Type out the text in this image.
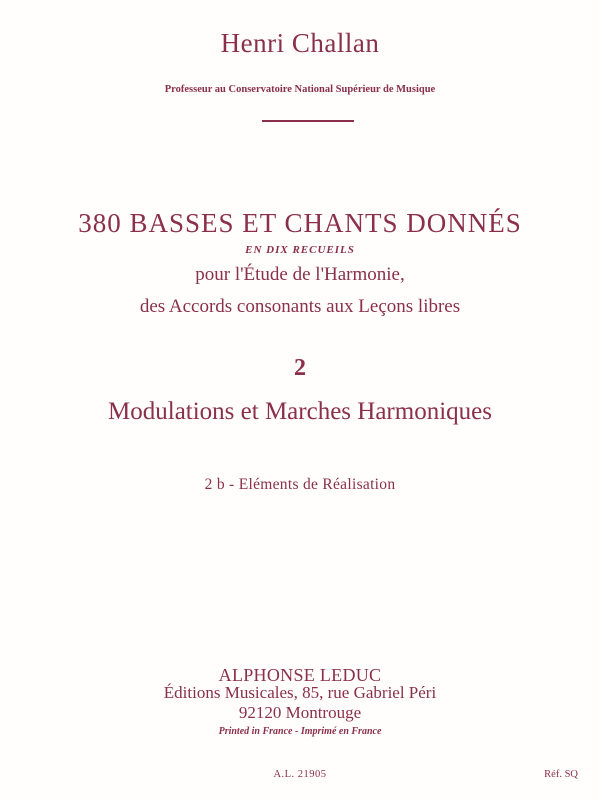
Henri Challan
Professeur au Conservatoire National Supérieur de Musique
380 BASSES ET CHANTS DONNÉS
EN DIX RECUEILS
pour l'Étude de l'Harmonie,
des Accords consonants aux Leçons libres
2
Modulations et Marches Harmoniques
2 b - Eléments de Réalisation
ALPHONSE LEDUC
Éditions Musicales, 85, rue Gabriel Péri
92120 Montrouge
Printed in France - Imprimé en France
A.L. 21905	Réf. SQ
